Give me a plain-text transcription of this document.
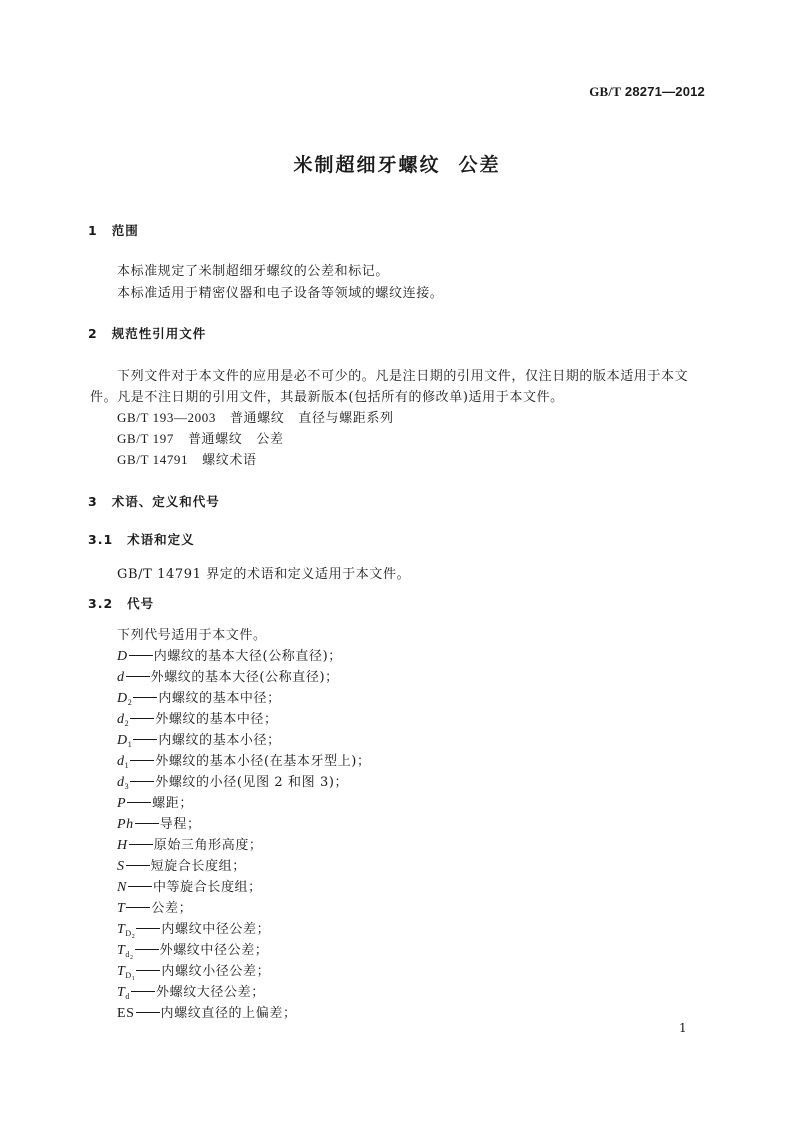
GB/T 28271—2012
米制超细牙螺纹 公差
1 范围
本标准规定了米制超细牙螺纹的公差和标记。
本标准适用于精密仪器和电子设备等领域的螺纹连接。
2 规范性引用文件
下列文件对于本文件的应用是必不可少的。凡是注日期的引用文件，仅注日期的版本适用于本文
件。凡是不注日期的引用文件，其最新版本(包括所有的修改单)适用于本文件。
GB/T 193—2003 普通螺纹 直径与螺距系列
GB/T 197 普通螺纹 公差
GB/T 14791 螺纹术语
3 术语、定义和代号
3.1 术语和定义
GB/T 14791 界定的术语和定义适用于本文件。
3.2 代号
下列代号适用于本文件。
D 内螺纹的基本大径(公称直径)；
d 外螺纹的基本大径(公称直径)；
$D_2$ 内螺纹的基本中径；
$d_2$ 外螺纹的基本中径；
$D_1$ 内螺纹的基本小径；
$d_1$ 外螺纹的基本小径(在基本牙型上)；
$d_3$ 外螺纹的小径(见图 2 和图 3)；
P 螺距；
Ph 导程；
H 原始三角形高度；
S 短旋合长度组；
N 中等旋合长度组；
T 公差；
$T_{D_2}$ 内螺纹中径公差；
$T_{d_2}$ 外螺纹中径公差；
$T_{D_1}$ 内螺纹小径公差；
$T_d$ 外螺纹大径公差；
ES 内螺纹直径的上偏差；
1
